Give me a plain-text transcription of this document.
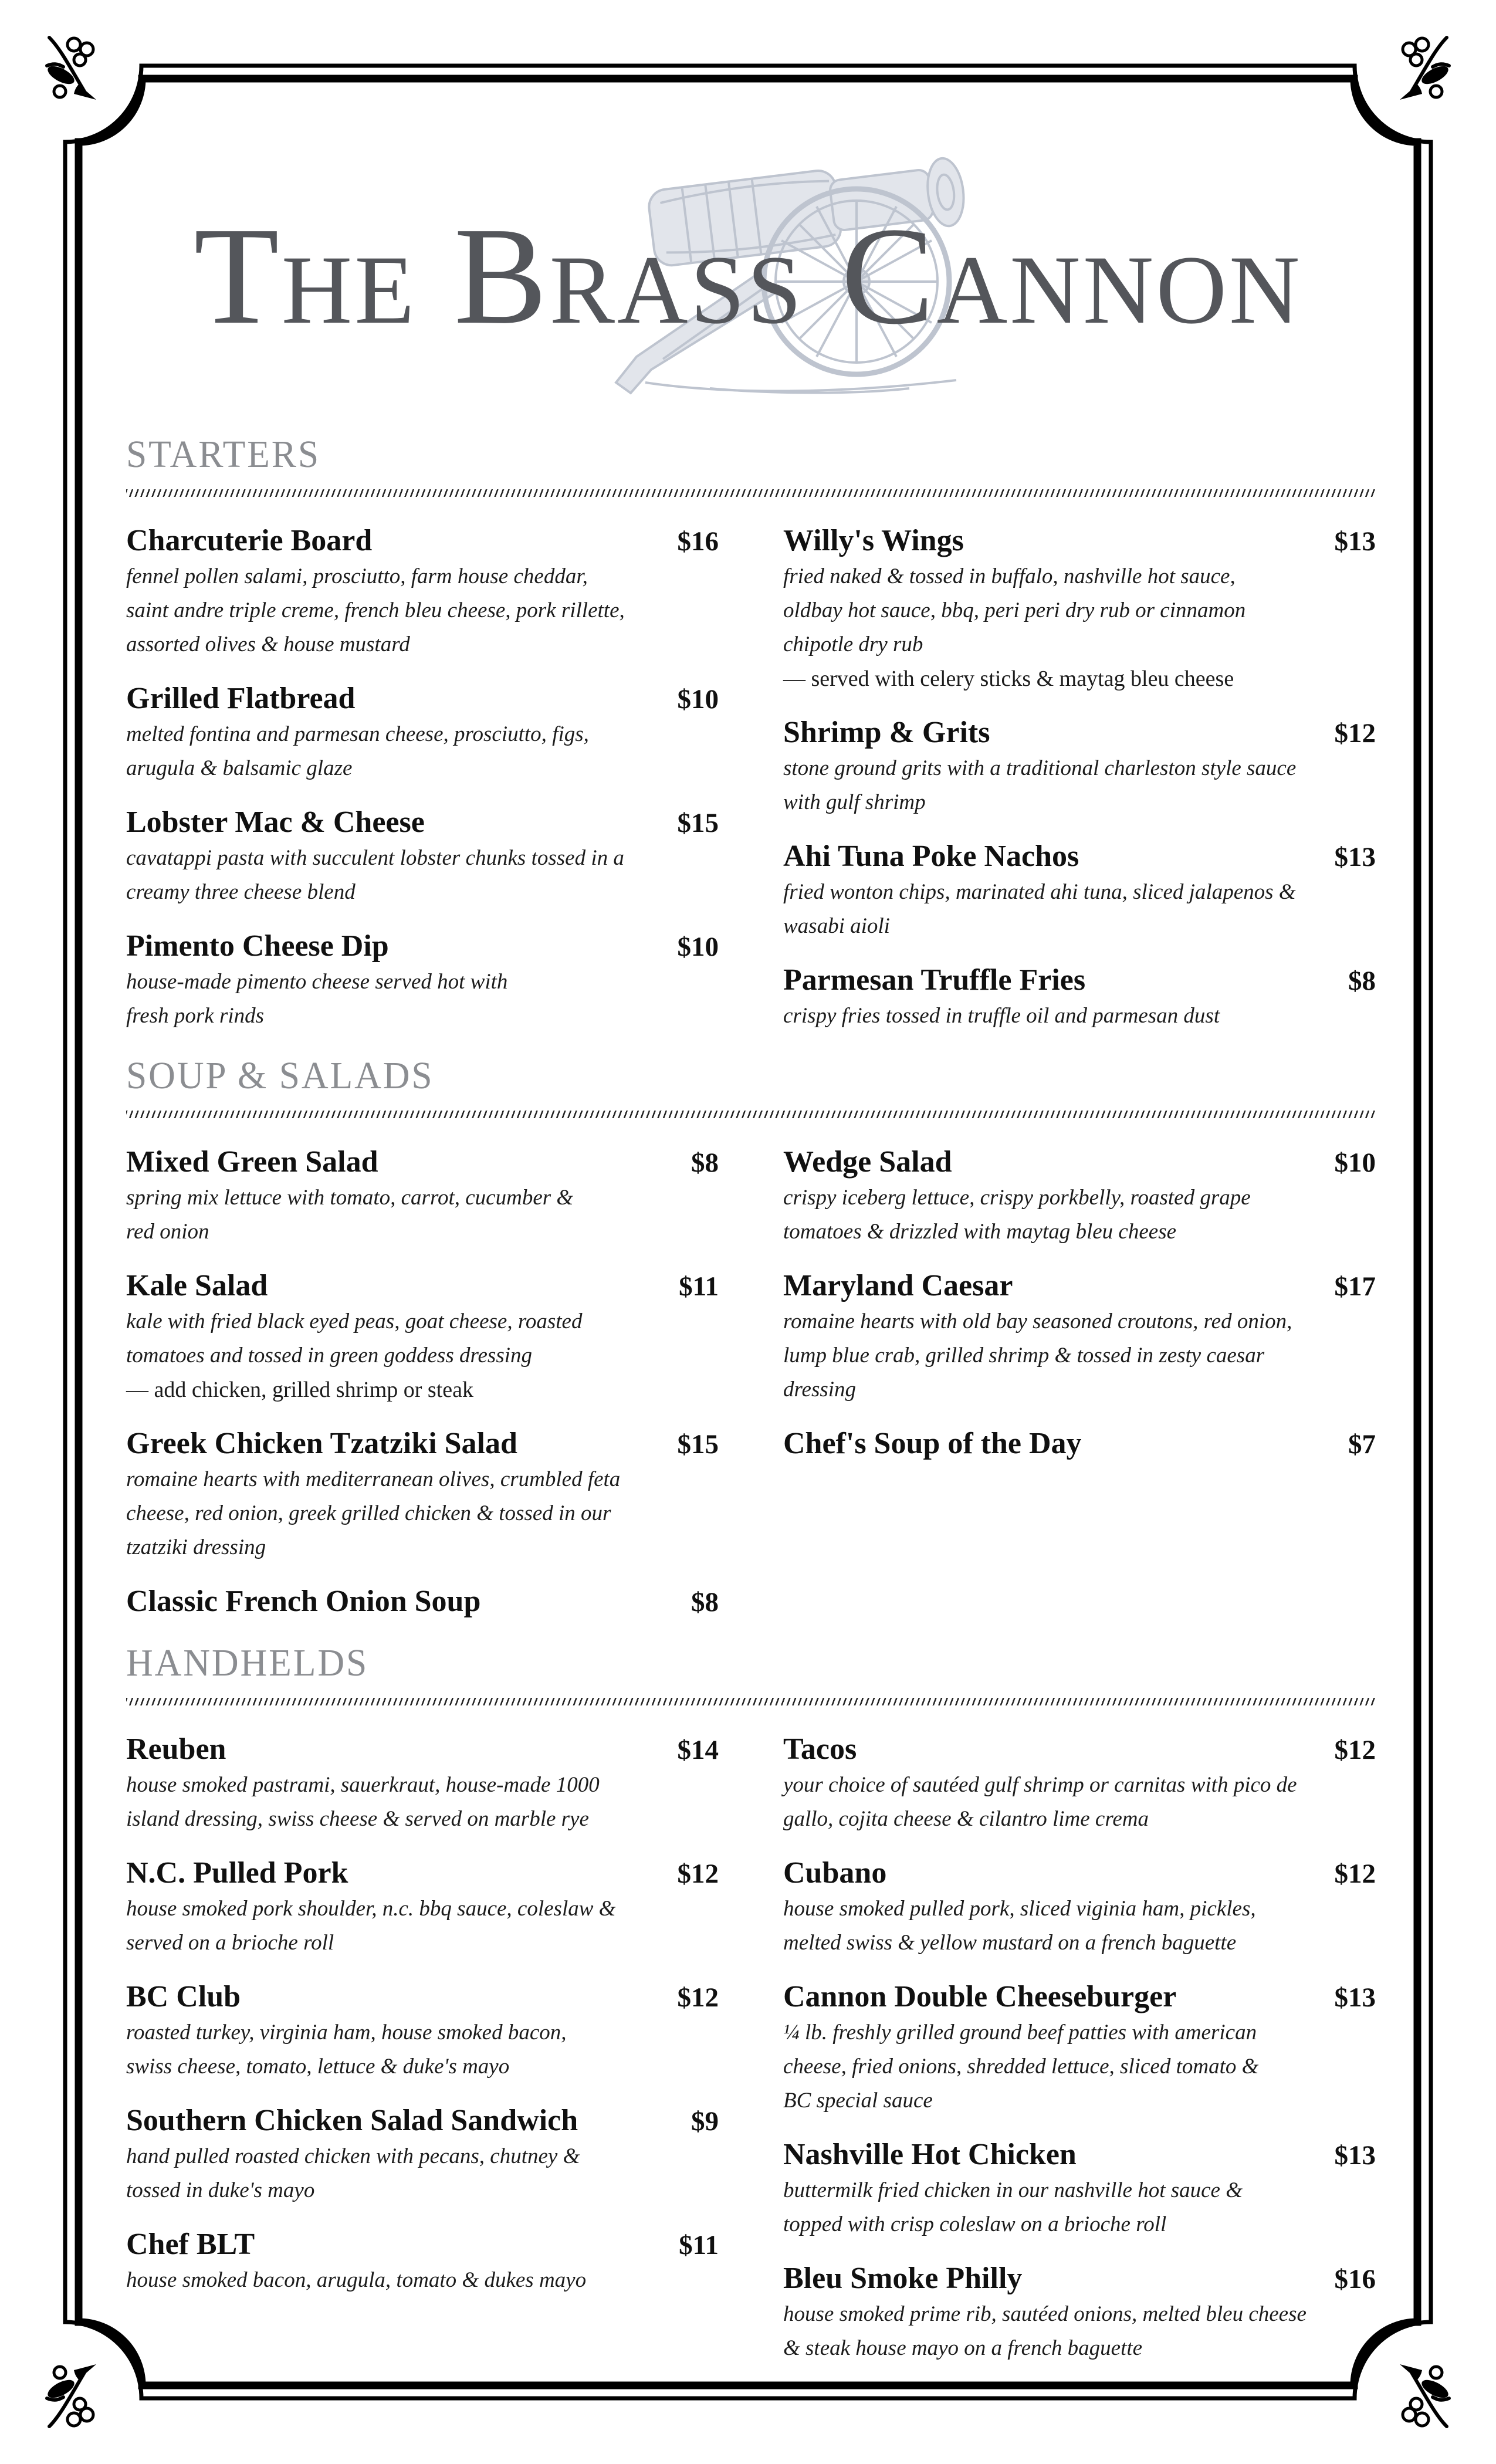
The Brass Cannon
STARTERS
Charcuterie Board	$16
fennel pollen salami, prosciutto, farm house cheddar,
saint andre triple creme, french bleu cheese, pork rillette,
assorted olives & house mustard
Grilled Flatbread	$10
melted fontina and parmesan cheese, prosciutto, figs,
arugula & balsamic glaze
Lobster Mac & Cheese	$15
cavatappi pasta with succulent lobster chunks tossed in a
creamy three cheese blend
Pimento Cheese Dip	$10
house-made pimento cheese served hot with
fresh pork rinds
Willy's Wings	$13
fried naked & tossed in buffalo, nashville hot sauce,
oldbay hot sauce, bbq, peri peri dry rub or cinnamon
chipotle dry rub
— served with celery sticks & maytag bleu cheese
Shrimp & Grits	$12
stone ground grits with a traditional charleston style sauce
with gulf shrimp
Ahi Tuna Poke Nachos	$13
fried wonton chips, marinated ahi tuna, sliced jalapenos &
wasabi aioli
Parmesan Truffle Fries	$8
crispy fries tossed in truffle oil and parmesan dust
SOUP & SALADS
Mixed Green Salad	$8
spring mix lettuce with tomato, carrot, cucumber &
red onion
Kale Salad	$11
kale with fried black eyed peas, goat cheese, roasted
tomatoes and tossed in green goddess dressing
— add chicken, grilled shrimp or steak
Greek Chicken Tzatziki Salad	$15
romaine hearts with mediterranean olives, crumbled feta
cheese, red onion, greek grilled chicken & tossed in our
tzatziki dressing
Classic French Onion Soup	$8
Wedge Salad	$10
crispy iceberg lettuce, crispy porkbelly, roasted grape
tomatoes & drizzled with maytag bleu cheese
Maryland Caesar	$17
romaine hearts with old bay seasoned croutons, red onion,
lump blue crab, grilled shrimp & tossed in zesty caesar
dressing
Chef's Soup of the Day	$7
HANDHELDS
Reuben	$14
house smoked pastrami, sauerkraut, house-made 1000
island dressing, swiss cheese & served on marble rye
N.C. Pulled Pork	$12
house smoked pork shoulder, n.c. bbq sauce, coleslaw &
served on a brioche roll
BC Club	$12
roasted turkey, virginia ham, house smoked bacon,
swiss cheese, tomato, lettuce & duke's mayo
Southern Chicken Salad Sandwich	$9
hand pulled roasted chicken with pecans, chutney &
tossed in duke's mayo
Chef BLT	$11
house smoked bacon, arugula, tomato & dukes mayo
Tacos	$12
your choice of sautéed gulf shrimp or carnitas with pico de
gallo, cojita cheese & cilantro lime crema
Cubano	$12
house smoked pulled pork, sliced viginia ham, pickles,
melted swiss & yellow mustard on a french baguette
Cannon Double Cheeseburger	$13
¼ lb. freshly grilled ground beef patties with american
cheese, fried onions, shredded lettuce, sliced tomato &
BC special sauce
Nashville Hot Chicken	$13
buttermilk fried chicken in our nashville hot sauce &
topped with crisp coleslaw on a brioche roll
Bleu Smoke Philly	$16
house smoked prime rib, sautéed onions, melted bleu cheese
& steak house mayo on a french baguette
